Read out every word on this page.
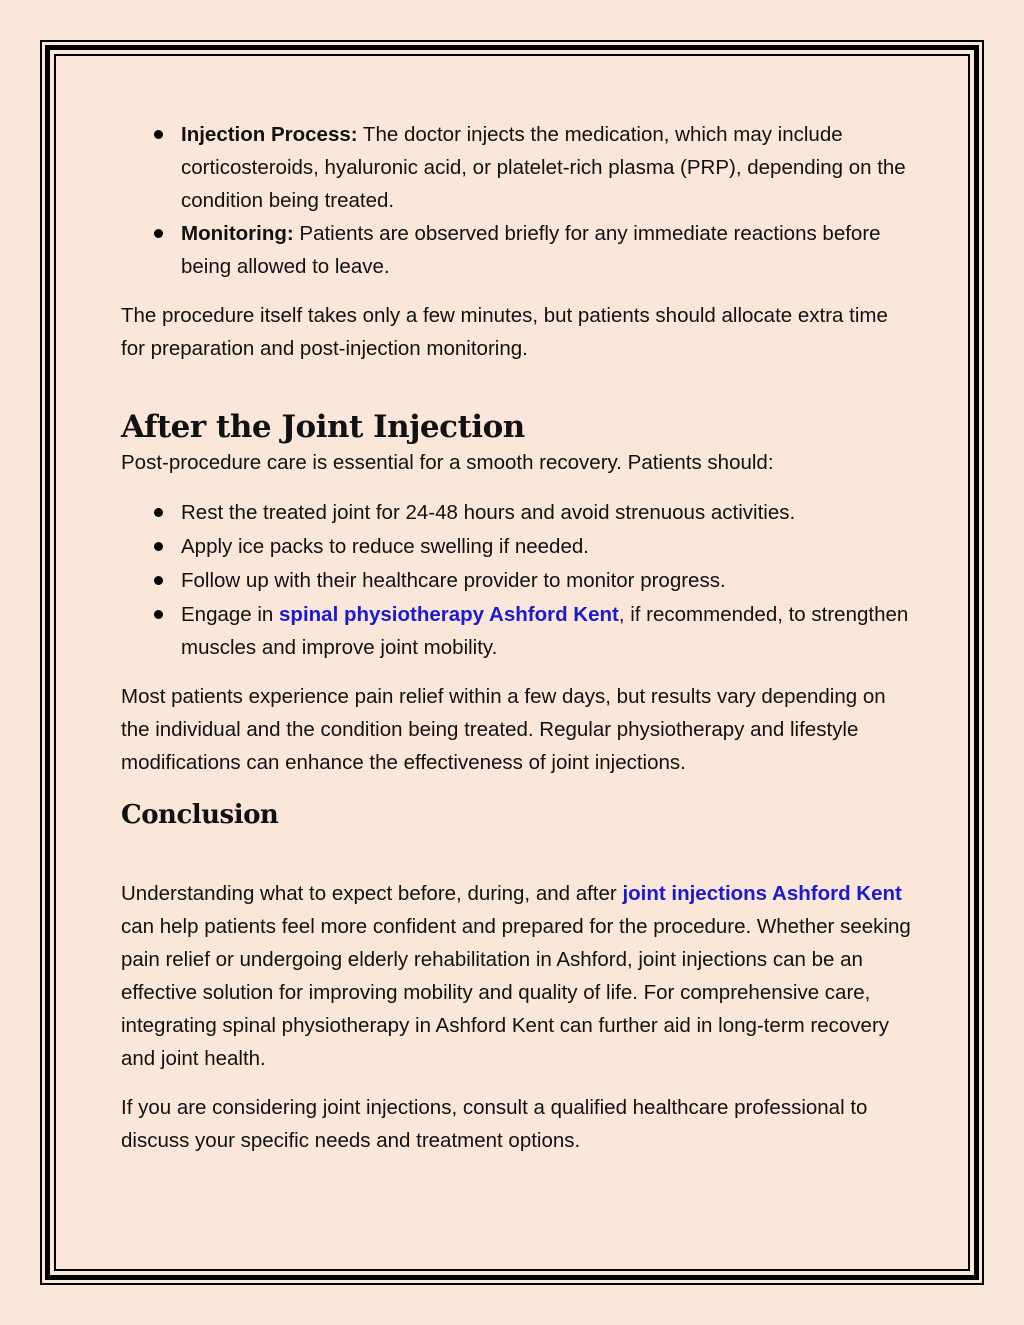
Injection Process: The doctor injects the medication, which may include corticosteroids, hyaluronic acid, or platelet-rich plasma (PRP), depending on the condition being treated.
Monitoring: Patients are observed briefly for any immediate reactions before being allowed to leave.

The procedure itself takes only a few minutes, but patients should allocate extra time for preparation and post-injection monitoring.

After the Joint Injection

Post-procedure care is essential for a smooth recovery. Patients should:

Rest the treated joint for 24-48 hours and avoid strenuous activities.
Apply ice packs to reduce swelling if needed.
Follow up with their healthcare provider to monitor progress.
Engage in spinal physiotherapy Ashford Kent, if recommended, to strengthen muscles and improve joint mobility.

Most patients experience pain relief within a few days, but results vary depending on the individual and the condition being treated. Regular physiotherapy and lifestyle modifications can enhance the effectiveness of joint injections.

Conclusion

Understanding what to expect before, during, and after joint injections Ashford Kent can help patients feel more confident and prepared for the procedure. Whether seeking pain relief or undergoing elderly rehabilitation in Ashford, joint injections can be an effective solution for improving mobility and quality of life. For comprehensive care, integrating spinal physiotherapy in Ashford Kent can further aid in long-term recovery and joint health.

If you are considering joint injections, consult a qualified healthcare professional to discuss your specific needs and treatment options.
